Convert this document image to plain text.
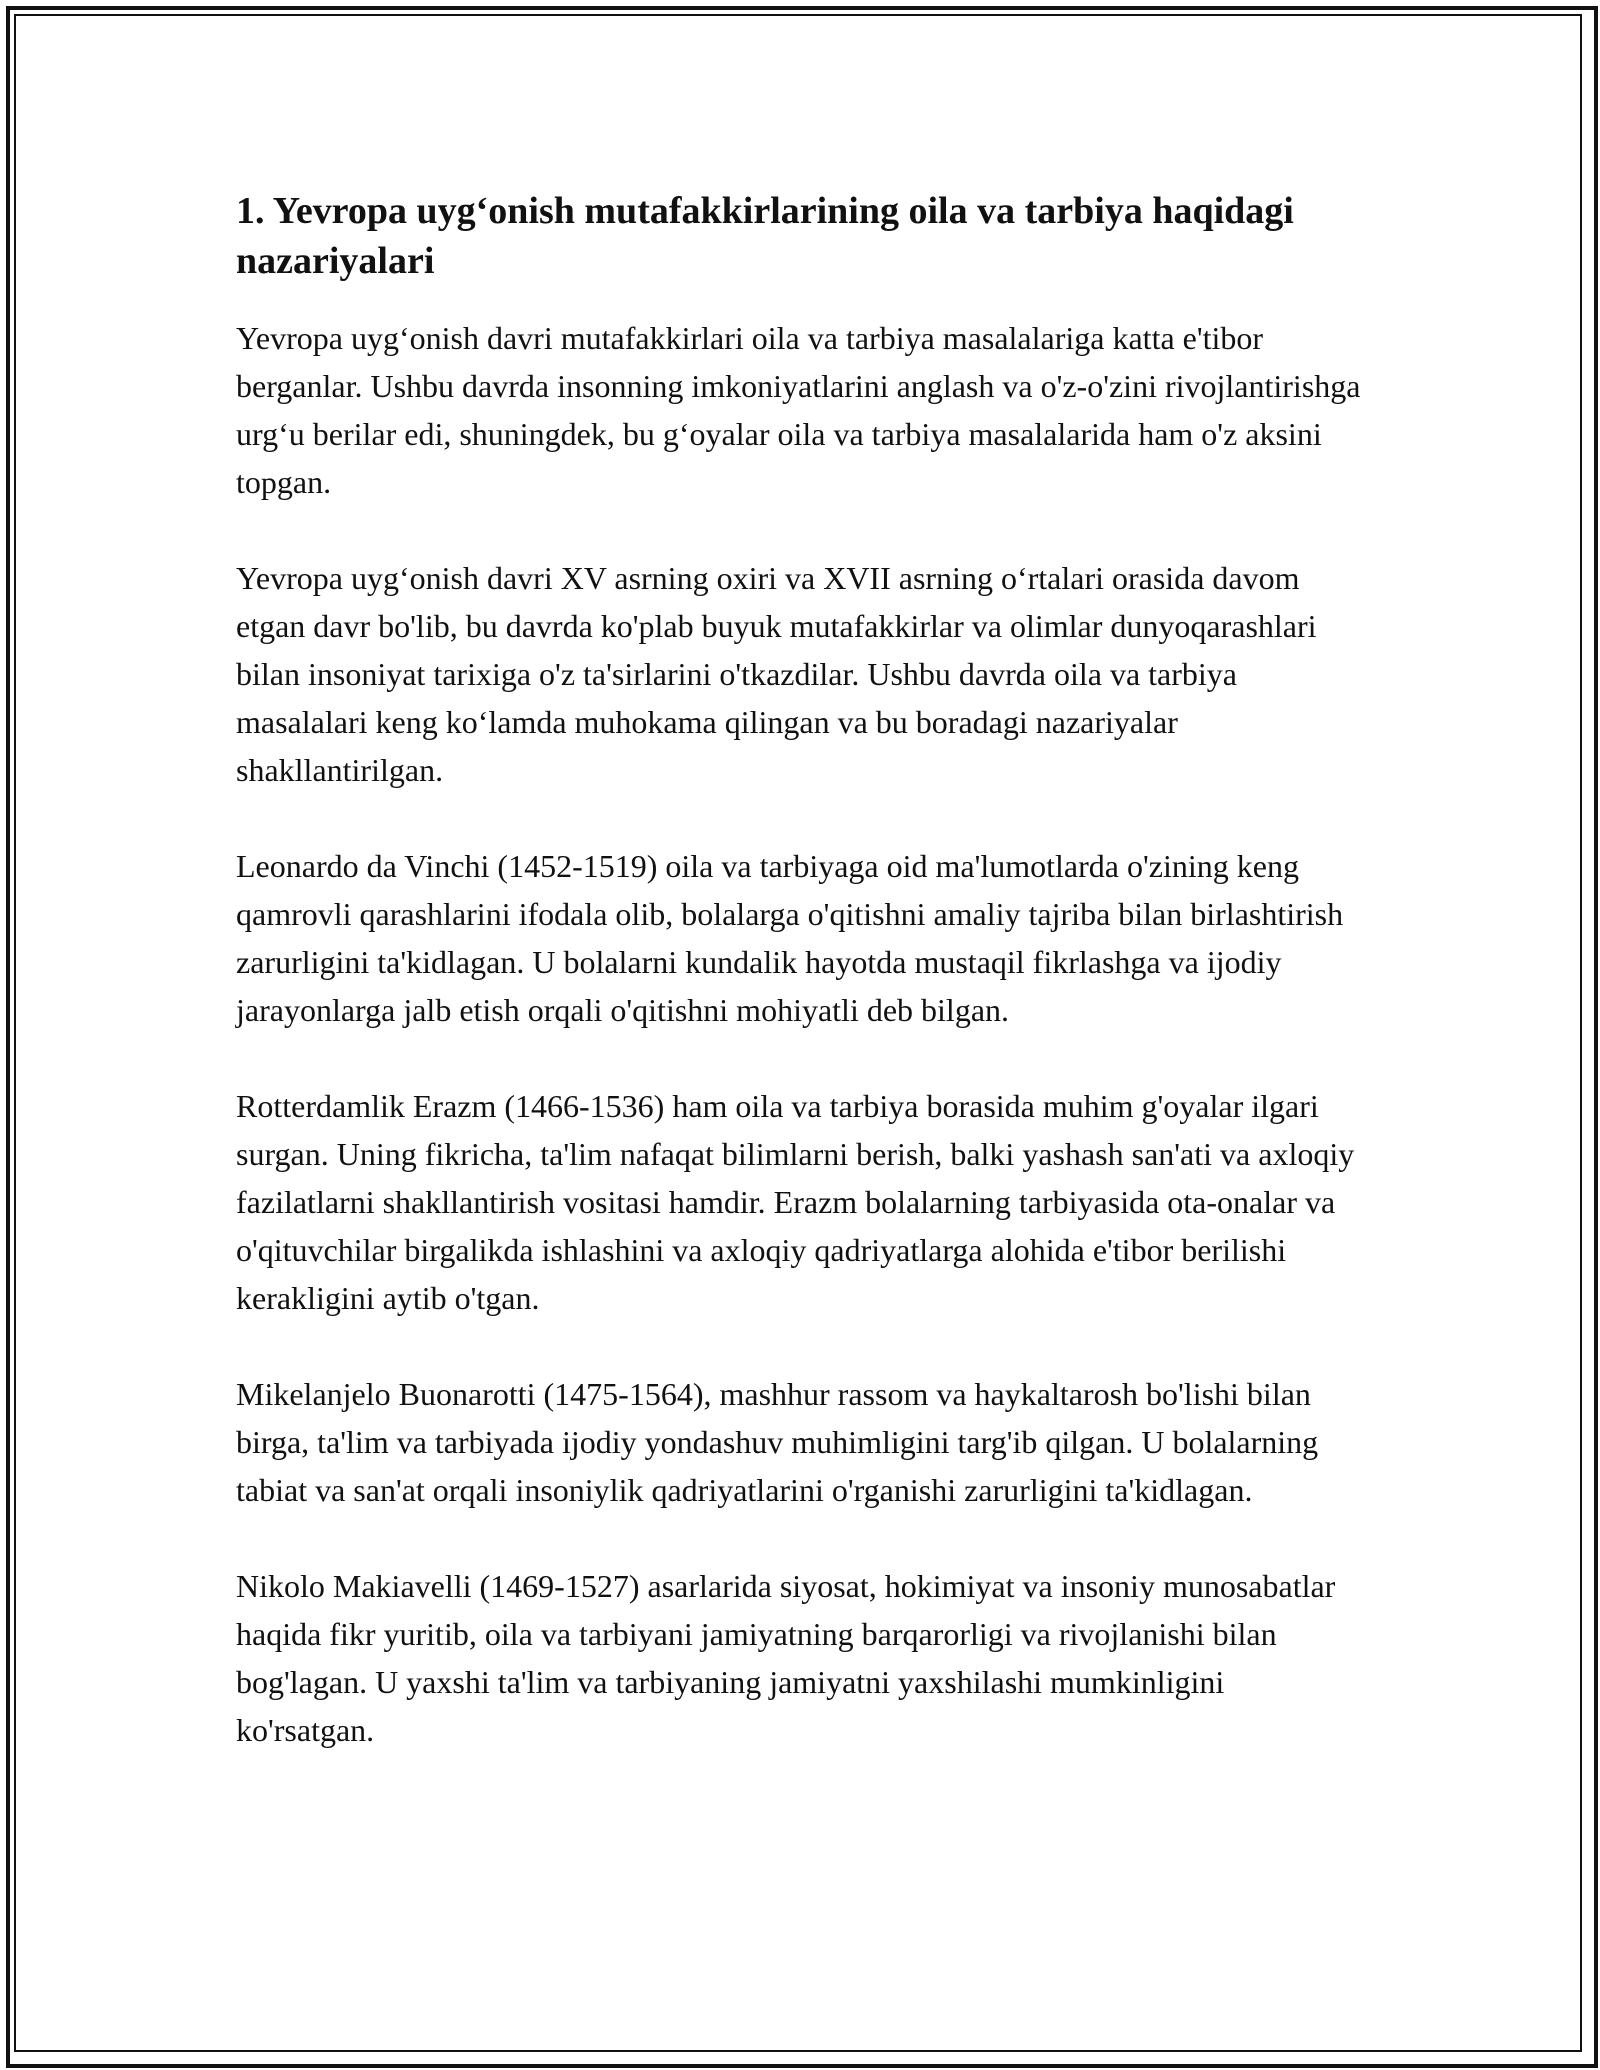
1. Yevropa uyg‘onish mutafakkirlarining oila va tarbiya haqidagi nazariyalari

Yevropa uyg‘onish davri mutafakkirlari oila va tarbiya masalalariga katta e'tibor berganlar. Ushbu davrda insonning imkoniyatlarini anglash va o'z-o'zini rivojlantirishga urg‘u berilar edi, shuningdek, bu g‘oyalar oila va tarbiya masalalarida ham o'z aksini topgan.

Yevropa uyg‘onish davri XV asrning oxiri va XVII asrning o‘rtalari orasida davom etgan davr bo'lib, bu davrda ko'plab buyuk mutafakkirlar va olimlar dunyoqarashlari bilan insoniyat tarixiga o'z ta'sirlarini o'tkazdilar. Ushbu davrda oila va tarbiya masalalari keng ko‘lamda muhokama qilingan va bu boradagi nazariyalar shakllantirilgan.

Leonardo da Vinchi (1452-1519) oila va tarbiyaga oid ma'lumotlarda o'zining keng qamrovli qarashlarini ifodala olib, bolalarga o'qitishni amaliy tajriba bilan birlashtirish zarurligini ta'kidlagan. U bolalarni kundalik hayotda mustaqil fikrlashga va ijodiy jarayonlarga jalb etish orqali o'qitishni mohiyatli deb bilgan.

Rotterdamlik Erazm (1466-1536) ham oila va tarbiya borasida muhim g'oyalar ilgari surgan. Uning fikricha, ta'lim nafaqat bilimlarni berish, balki yashash san'ati va axloqiy fazilatlarni shakllantirish vositasi hamdir. Erazm bolalarning tarbiyasida ota-onalar va o'qituvchilar birgalikda ishlashini va axloqiy qadriyatlarga alohida e'tibor berilishi kerakligini aytib o'tgan.

Mikelanjelo Buonarotti (1475-1564), mashhur rassom va haykaltarosh bo'lishi bilan birga, ta'lim va tarbiyada ijodiy yondashuv muhimligini targ'ib qilgan. U bolalarning tabiat va san'at orqali insoniylik qadriyatlarini o'rganishi zarurligini ta'kidlagan.

Nikolo Makiavelli (1469-1527) asarlarida siyosat, hokimiyat va insoniy munosabatlar haqida fikr yuritib, oila va tarbiyani jamiyatning barqarorligi va rivojlanishi bilan bog'lagan. U yaxshi ta'lim va tarbiyaning jamiyatni yaxshilashi mumkinligini ko'rsatgan.
